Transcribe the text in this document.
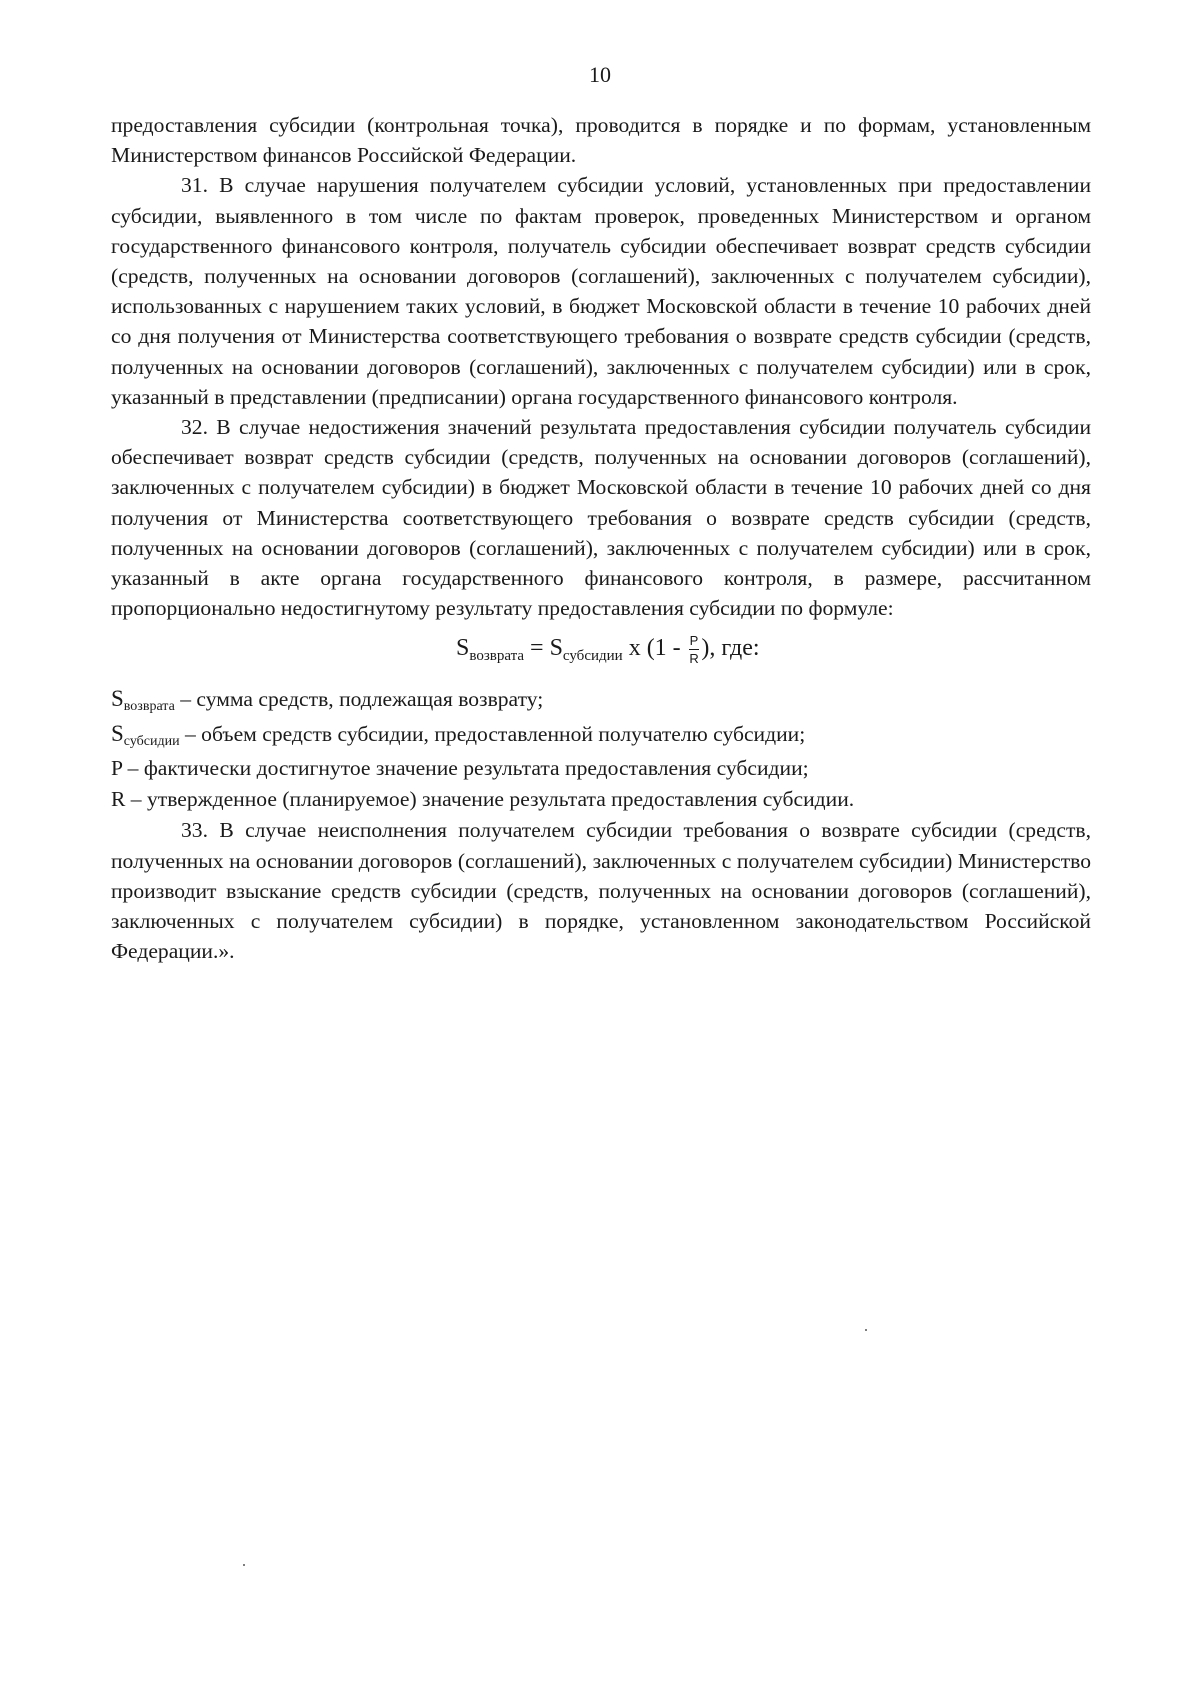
10

предоставления субсидии (контрольная точка), проводится в порядке и по формам, установленным Министерством финансов Российской Федерации.

31. В случае нарушения получателем субсидии условий, установленных при предоставлении субсидии, выявленного в том числе по фактам проверок, проведенных Министерством и органом государственного финансового контроля, получатель субсидии обеспечивает возврат средств субсидии (средств, полученных на основании договоров (соглашений), заключенных с получателем субсидии), использованных с нарушением таких условий, в бюджет Московской области в течение 10 рабочих дней со дня получения от Министерства соответствующего требования о возврате средств субсидии (средств, полученных на основании договоров (соглашений), заключенных с получателем субсидии) или в срок, указанный в представлении (предписании) органа государственного финансового контроля.

32. В случае недостижения значений результата предоставления субсидии получатель субсидии обеспечивает возврат средств субсидии (средств, полученных на основании договоров (соглашений), заключенных с получателем субсидии) в бюджет Московской области в течение 10 рабочих дней со дня получения от Министерства соответствующего требования о возврате средств субсидии (средств, полученных на основании договоров (соглашений), заключенных с получателем субсидии) или в срок, указанный в акте органа государственного финансового контроля, в размере, рассчитанном пропорционально недостигнутому результату предоставления субсидии по формуле:

$S_{возврата} = S_{субсидии}$ x ($1 - \frac{P}{R}$ ), где:

Sвозврата – сумма средств, подлежащая возврату;

Sсубсидии – объем средств субсидии, предоставленной получателю субсидии;

P – фактически достигнутое значение результата предоставления субсидии;

R – утвержденное (планируемое) значение результата предоставления субсидии.

33. В случае неисполнения получателем субсидии требования о возврате субсидии (средств, полученных на основании договоров (соглашений), заключенных с получателем субсидии) Министерство производит взыскание средств субсидии (средств, полученных на основании договоров (соглашений), заключенных с получателем субсидии) в порядке, установленном законодательством Российской Федерации.».
